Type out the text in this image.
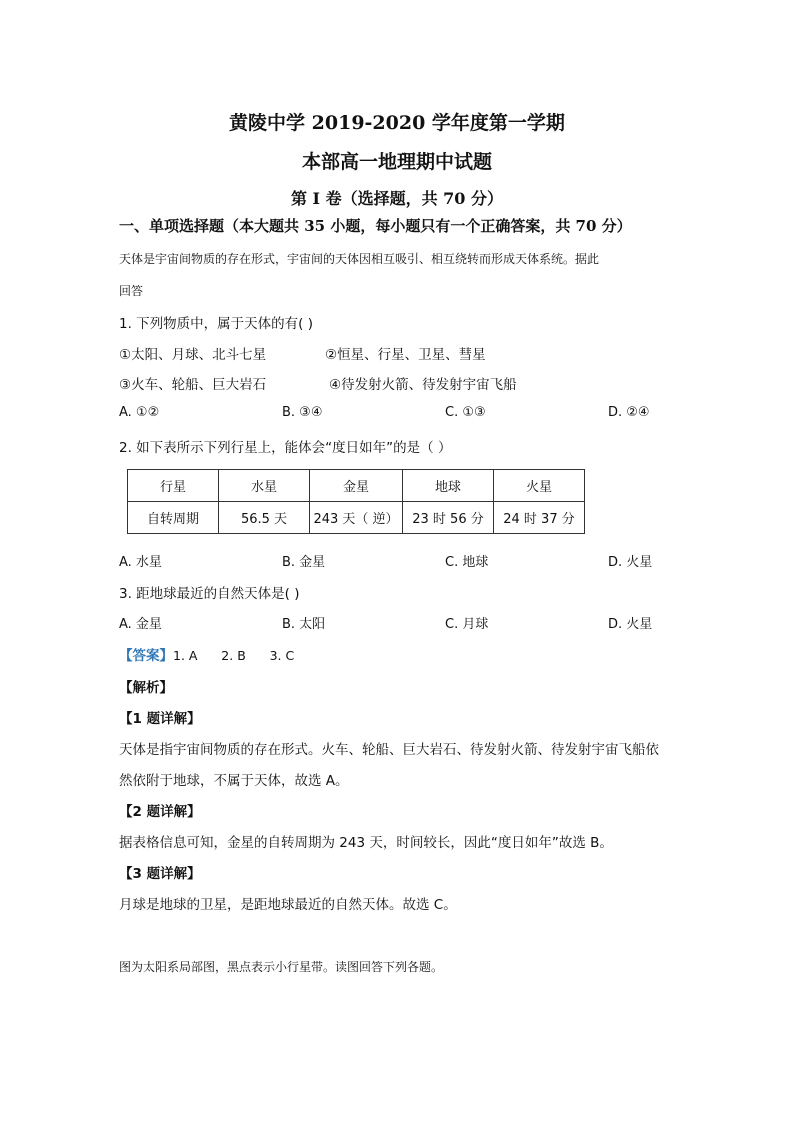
黄陵中学 2019-2020 学年度第一学期
本部高一地理期中试题
第 I 卷（选择题，共 70 分）
一、单项选择题（本大题共 35 小题，每小题只有一个正确答案，共 70 分）
天体是宇宙间物质的存在形式，宇宙间的天体因相互吸引、相互绕转而形成天体系统。据此
回答
1. 下列物质中，属于天体的有( )
①太阳、月球、北斗七星	②恒星、行星、卫星、彗星
③火车、轮船、巨大岩石	④待发射火箭、待发射宇宙飞船
A. ①②	B. ③④	C. ①③	D. ②④
2. 如下表所示下列行星上，能体会“度日如年”的是（ ）
行星	水星	金星	地球	火星
自转周期	56.5 天	243 天（ 逆）	23 时 56 分	24 时 37 分
A. 水星	B. 金星	C. 地球	D. 火星
3. 距地球最近的自然天体是( )
A. 金星	B. 太阳	C. 月球	D. 火星
【答案】1. A      2. B      3. C
【解析】
【1 题详解】
天体是指宇宙间物质的存在形式。火车、轮船、巨大岩石、待发射火箭、待发射宇宙飞船依
然依附于地球，不属于天体，故选 A。
【2 题详解】
据表格信息可知，金星的自转周期为 243 天，时间较长，因此“度日如年”故选 B。
【3 题详解】
月球是地球的卫星，是距地球最近的自然天体。故选 C。
图为太阳系局部图，黑点表示小行星带。读图回答下列各题。
